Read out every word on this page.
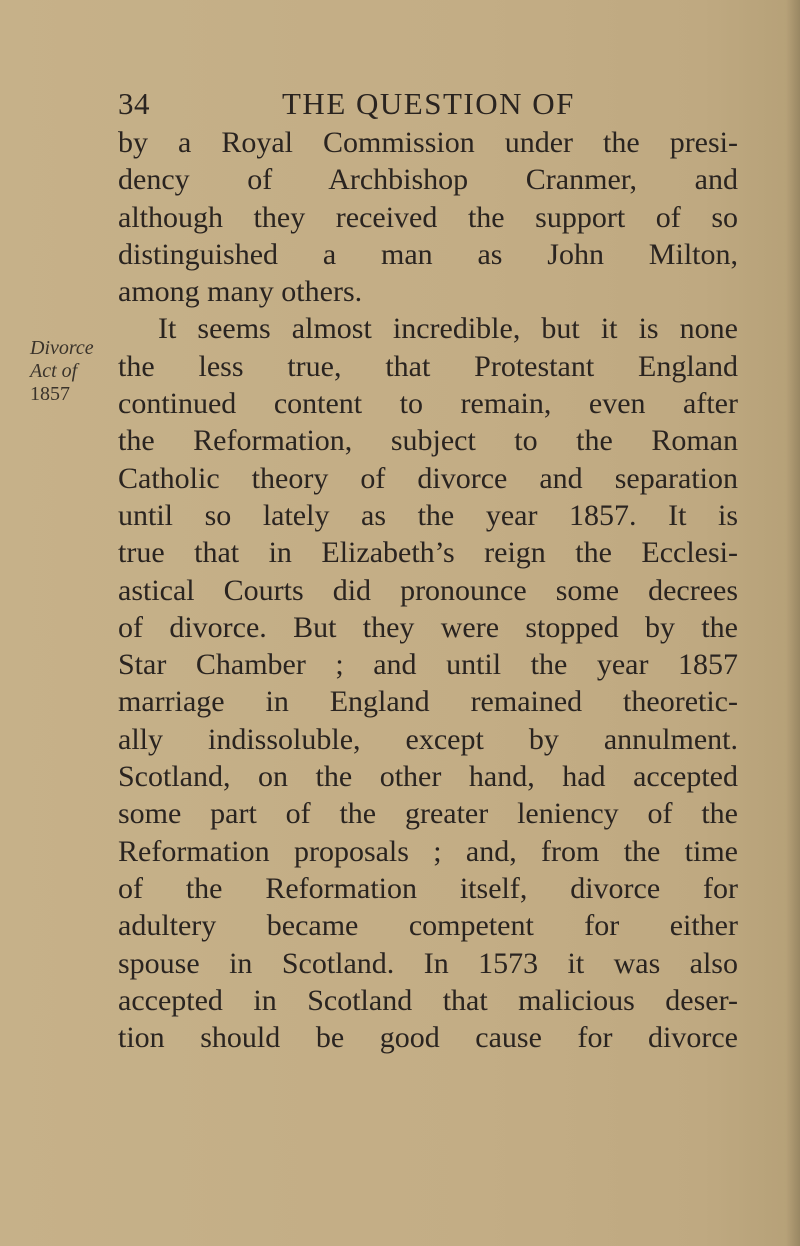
34	THE QUESTION OF
Divorce
Act of
1857
by a Royal Commission under the presi-
dency of Archbishop Cranmer, and
although they received the support of so
distinguished a man as John Milton,
among many others.
It seems almost incredible, but it is none
the less true, that Protestant England
continued content to remain, even after
the Reformation, subject to the Roman
Catholic theory of divorce and separation
until so lately as the year 1857. It is
true that in Elizabeth’s reign the Ecclesi-
astical Courts did pronounce some decrees
of divorce. But they were stopped by the
Star Chamber ; and until the year 1857
marriage in England remained theoretic-
ally indissoluble, except by annulment.
Scotland, on the other hand, had accepted
some part of the greater leniency of the
Reformation proposals ; and, from the time
of the Reformation itself, divorce for
adultery became competent for either
spouse in Scotland. In 1573 it was also
accepted in Scotland that malicious deser-
tion should be good cause for divorce
